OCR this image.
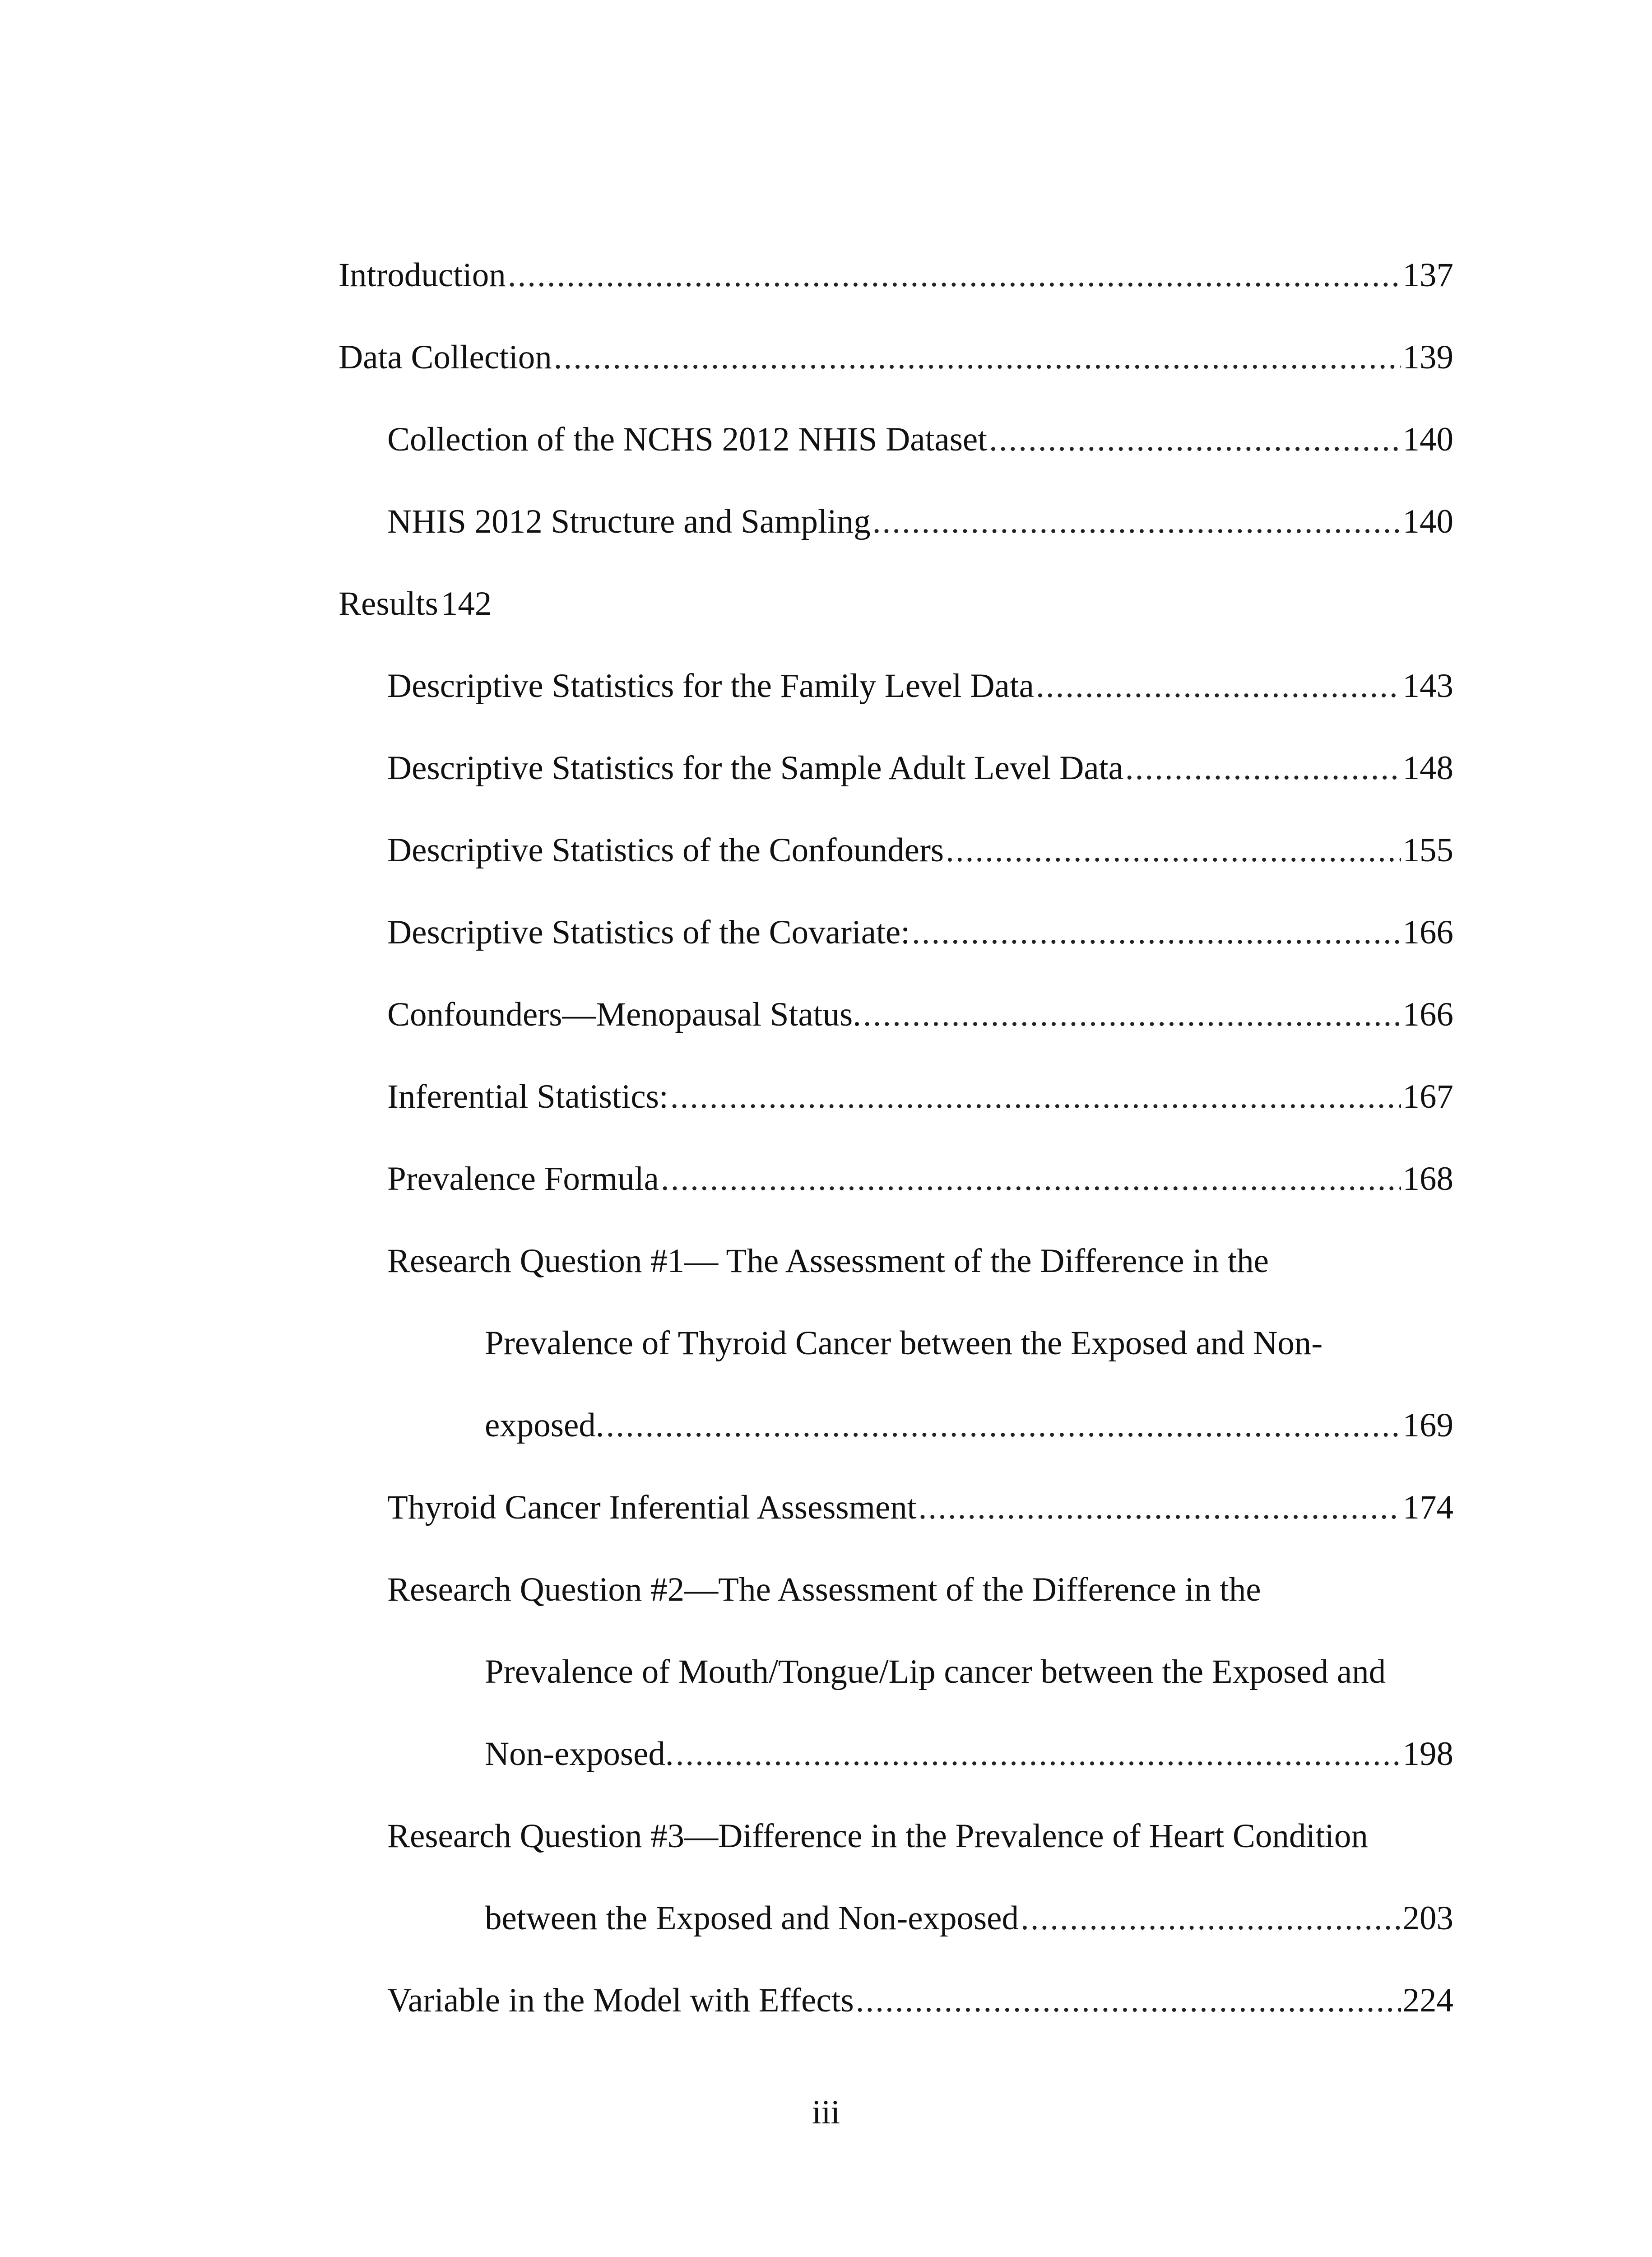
Introduction .....	137
Data Collection .....	139
Collection of the NCHS 2012 NHIS Dataset .....	140
NHIS 2012 Structure and Sampling .....	140
Results 142
Descriptive Statistics for the Family Level Data .....	143
Descriptive Statistics for the Sample Adult Level Data .....	148
Descriptive Statistics of the Confounders .....	155
Descriptive Statistics of the Covariate: .....	166
Confounders—Menopausal Status. .....	166
Inferential Statistics: .....	167
Prevalence Formula .....	168
Research Question #1— The Assessment of the Difference in the
Prevalence of Thyroid Cancer between the Exposed and Non-
exposed. .....	169
Thyroid Cancer Inferential Assessment .....	174
Research Question #2—The Assessment of the Difference in the
Prevalence of Mouth/Tongue/Lip cancer between the Exposed and
Non-exposed. .....	198
Research Question #3—Difference in the Prevalence of Heart Condition
between the Exposed and Non-exposed .....	203
Variable in the Model with Effects .....	224
iii
